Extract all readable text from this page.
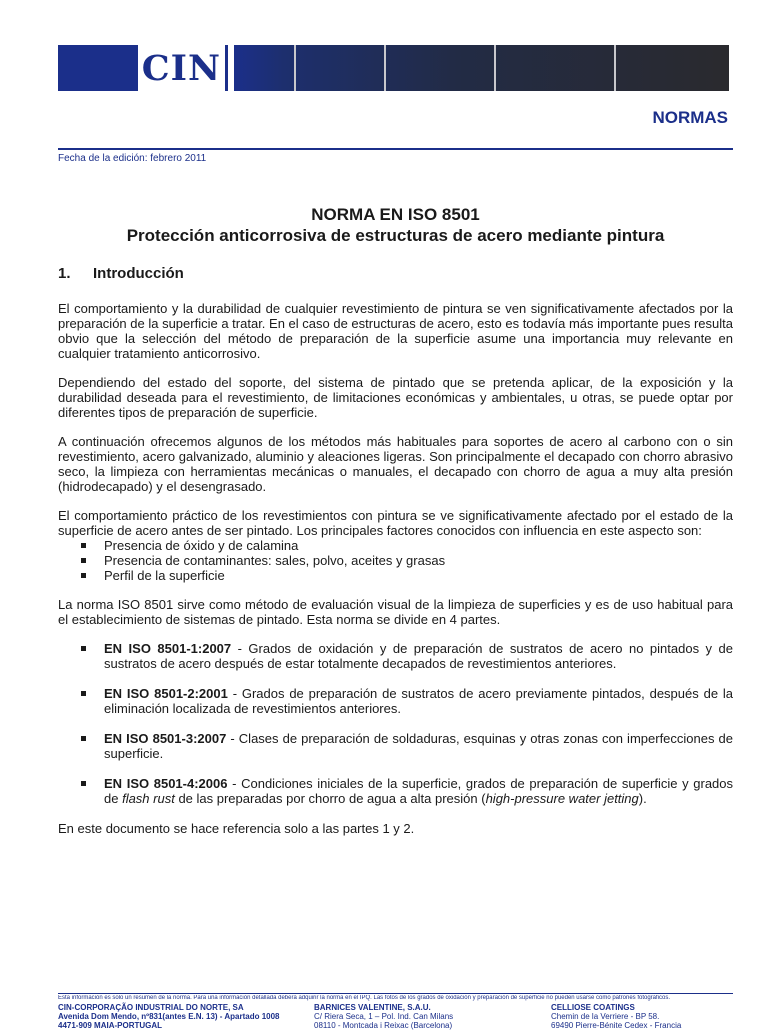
CIN
NORMAS
Fecha de la edición: febrero 2011
NORMA EN ISO 8501
Protección anticorrosiva de estructuras de acero mediante pintura
1. Introducción

El comportamiento y la durabilidad de cualquier revestimiento de pintura se ven significativamente afectados por la preparación de la superficie a tratar. En el caso de estructuras de acero, esto es todavía más importante pues resulta obvio que la selección del método de preparación de la superficie asume una importancia muy relevante en cualquier tratamiento anticorrosivo.

Dependiendo del estado del soporte, del sistema de pintado que se pretenda aplicar, de la exposición y la durabilidad deseada para el revestimiento, de limitaciones económicas y ambientales, u otras, se puede optar por diferentes tipos de preparación de superficie.

A continuación ofrecemos algunos de los métodos más habituales para soportes de acero al carbono con o sin revestimiento, acero galvanizado, aluminio y aleaciones ligeras. Son principalmente el decapado con chorro abrasivo seco, la limpieza con herramientas mecánicas o manuales, el decapado con chorro de agua a muy alta presión (hidrodecapado) y el desengrasado.

El comportamiento práctico de los revestimientos con pintura se ve significativamente afectado por el estado de la superficie de acero antes de ser pintado. Los principales factores conocidos con influencia en este aspecto son:

Presencia de óxido y de calamina
Presencia de contaminantes: sales, polvo, aceites y grasas
Perfil de la superficie

La norma ISO 8501 sirve como método de evaluación visual de la limpieza de superficies y es de uso habitual para el establecimiento de sistemas de pintado. Esta norma se divide en 4 partes.

EN ISO 8501-1:2007 - Grados de oxidación y de preparación de sustratos de acero no pintados y de sustratos de acero después de estar totalmente decapados de revestimientos anteriores.
EN ISO 8501-2:2001 - Grados de preparación de sustratos de acero previamente pintados, después de la eliminación localizada de revestimientos anteriores.
EN ISO 8501-3:2007 - Clases de preparación de soldaduras, esquinas y otras zonas con imperfecciones de superficie.
EN ISO 8501-4:2006 - Condiciones iniciales de la superficie, grados de preparación de superficie y grados de flash rust de las preparadas por chorro de agua a alta presión (high-pressure water jetting).

En este documento se hace referencia solo a las partes 1 y 2.

Esta información es solo un resumen de la norma. Para una información detallada deberá adquirir la norma en el IPQ. Las fotos de los grados de oxidación y preparación de superficie no pueden usarse como patrones fotográficos.
CIN-CORPORAÇÃO INDUSTRIAL DO NORTE, SA
Avenida Dom Mendo, nº831(antes E.N. 13) - Apartado 1008
4471-909 MAIA-PORTUGAL
BARNICES VALENTINE, S.A.U.
C/ Riera Seca, 1 – Pol. Ind. Can Milans
08110 - Montcada i Reixac (Barcelona)
CELLIOSE COATINGS
Chemin de la Verriere - BP 58.
69490 Pierre-Bénite Cedex - Francia
